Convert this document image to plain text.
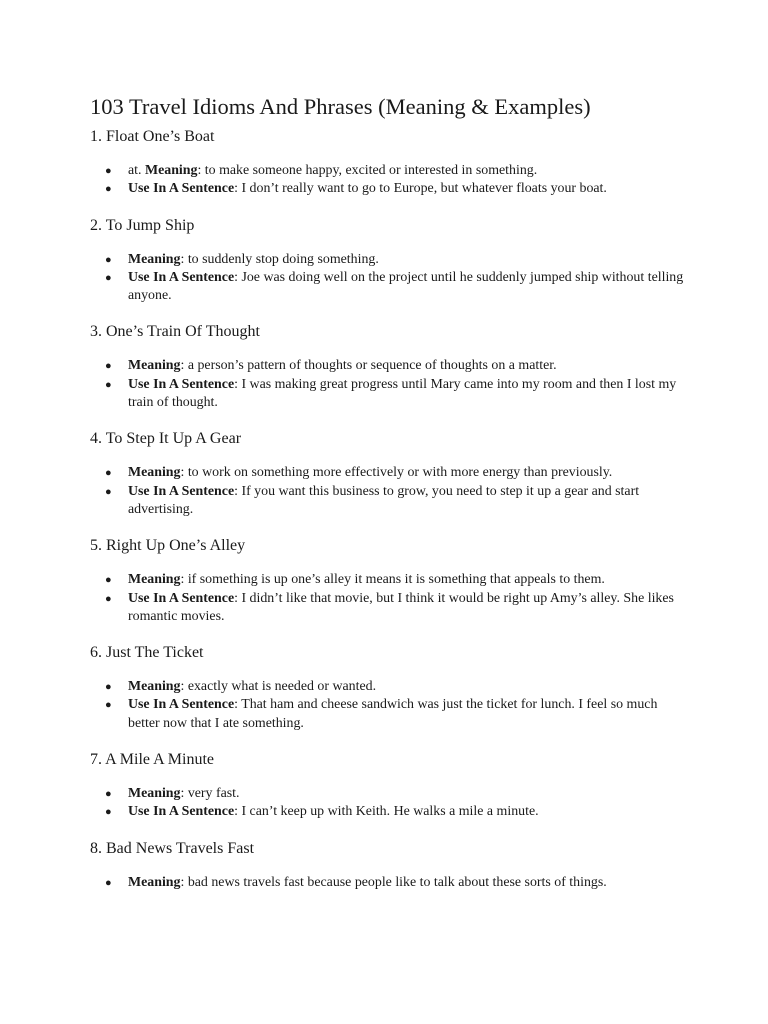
103 Travel Idioms And Phrases (Meaning & Examples)
1. Float One’s Boat
● at. Meaning: to make someone happy, excited or interested in something.
● Use In A Sentence: I don’t really want to go to Europe, but whatever floats your boat.
2. To Jump Ship
● Meaning: to suddenly stop doing something.
● Use In A Sentence: Joe was doing well on the project until he suddenly jumped ship without telling anyone.
3. One’s Train Of Thought
● Meaning: a person’s pattern of thoughts or sequence of thoughts on a matter.
● Use In A Sentence: I was making great progress until Mary came into my room and then I lost my train of thought.
4. To Step It Up A Gear
● Meaning: to work on something more effectively or with more energy than previously.
● Use In A Sentence: If you want this business to grow, you need to step it up a gear and start advertising.
5. Right Up One’s Alley
● Meaning: if something is up one’s alley it means it is something that appeals to them.
● Use In A Sentence: I didn’t like that movie, but I think it would be right up Amy’s alley. She likes romantic movies.
6. Just The Ticket
● Meaning: exactly what is needed or wanted.
● Use In A Sentence: That ham and cheese sandwich was just the ticket for lunch. I feel so much better now that I ate something.
7. A Mile A Minute
● Meaning: very fast.
● Use In A Sentence: I can’t keep up with Keith. He walks a mile a minute.
8. Bad News Travels Fast
● Meaning: bad news travels fast because people like to talk about these sorts of things.
